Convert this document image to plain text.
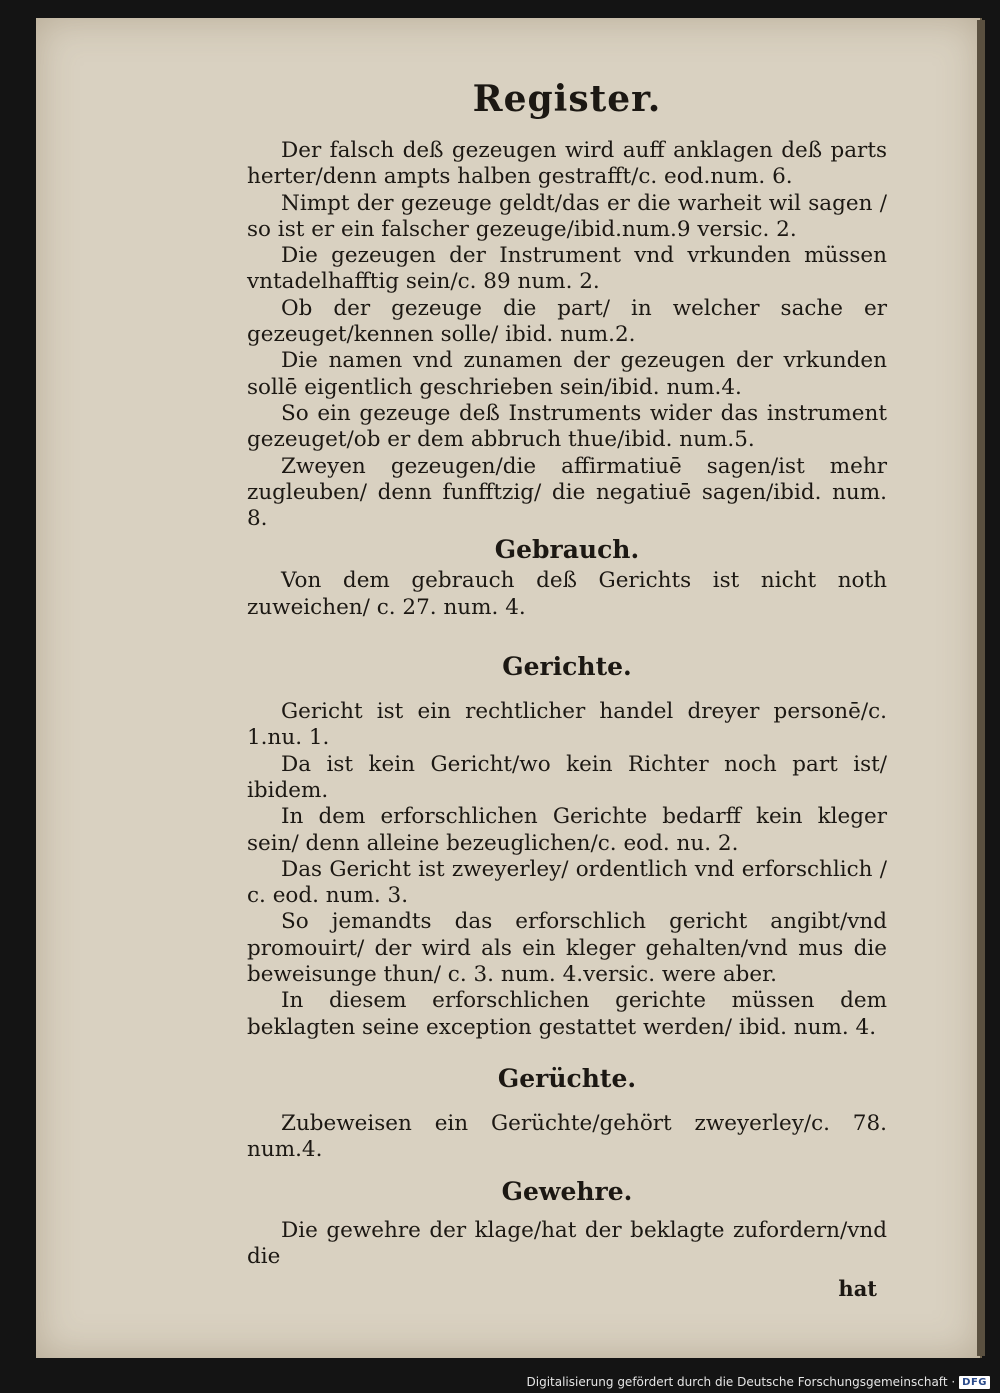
Register.

Der falsch deß gezeugen wird auff anklagen deß parts herter/denn ampts halben gestrafft/c. eod.num. 6.

Nimpt der gezeuge geldt/das er die warheit wil sagen / so ist er ein falscher gezeuge/ibid.num.9 versic. 2.

Die gezeugen der Instrument vnd vrkunden müssen vntadelhafftig sein/c. 89 num. 2.

Ob der gezeuge die part/ in welcher sache er gezeuget/kennen solle/ ibid. num.2.

Die namen vnd zunamen der gezeugen der vrkunden sollē eigentlich geschrieben sein/ibid. num.4.

So ein gezeuge deß Instruments wider das instrument gezeuget/ob er dem abbruch thue/ibid. num.5.

Zweyen gezeugen/die affirmatiuē sagen/ist mehr zugleuben/ denn funfftzig/ die negatiuē sagen/ibid. num. 8.

Gebrauch.

Von dem gebrauch deß Gerichts ist nicht noth zuweichen/ c. 27. num. 4.

Gerichte.

Gericht ist ein rechtlicher handel dreyer personē/c. 1.nu. 1.

Da ist kein Gericht/wo kein Richter noch part ist/ ibidem.

In dem erforschlichen Gerichte bedarff kein kleger sein/ denn alleine bezeuglichen/c. eod. nu. 2.

Das Gericht ist zweyerley/ ordentlich vnd erforschlich / c. eod. num. 3.

So jemandts das erforschlich gericht angibt/vnd promouirt/ der wird als ein kleger gehalten/vnd mus die beweisunge thun/ c. 3. num. 4.versic. were aber.

In diesem erforschlichen gerichte müssen dem beklagten seine exception gestattet werden/ ibid. num. 4.

Gerüchte.

Zubeweisen ein Gerüchte/gehört zweyerley/c. 78. num.4.

Gewehre.

Die gewehre der klage/hat der beklagte zufordern/vnd die

hat
Digitalisierung gefördert durch die Deutsche Forschungsgemeinschaft · DFG
